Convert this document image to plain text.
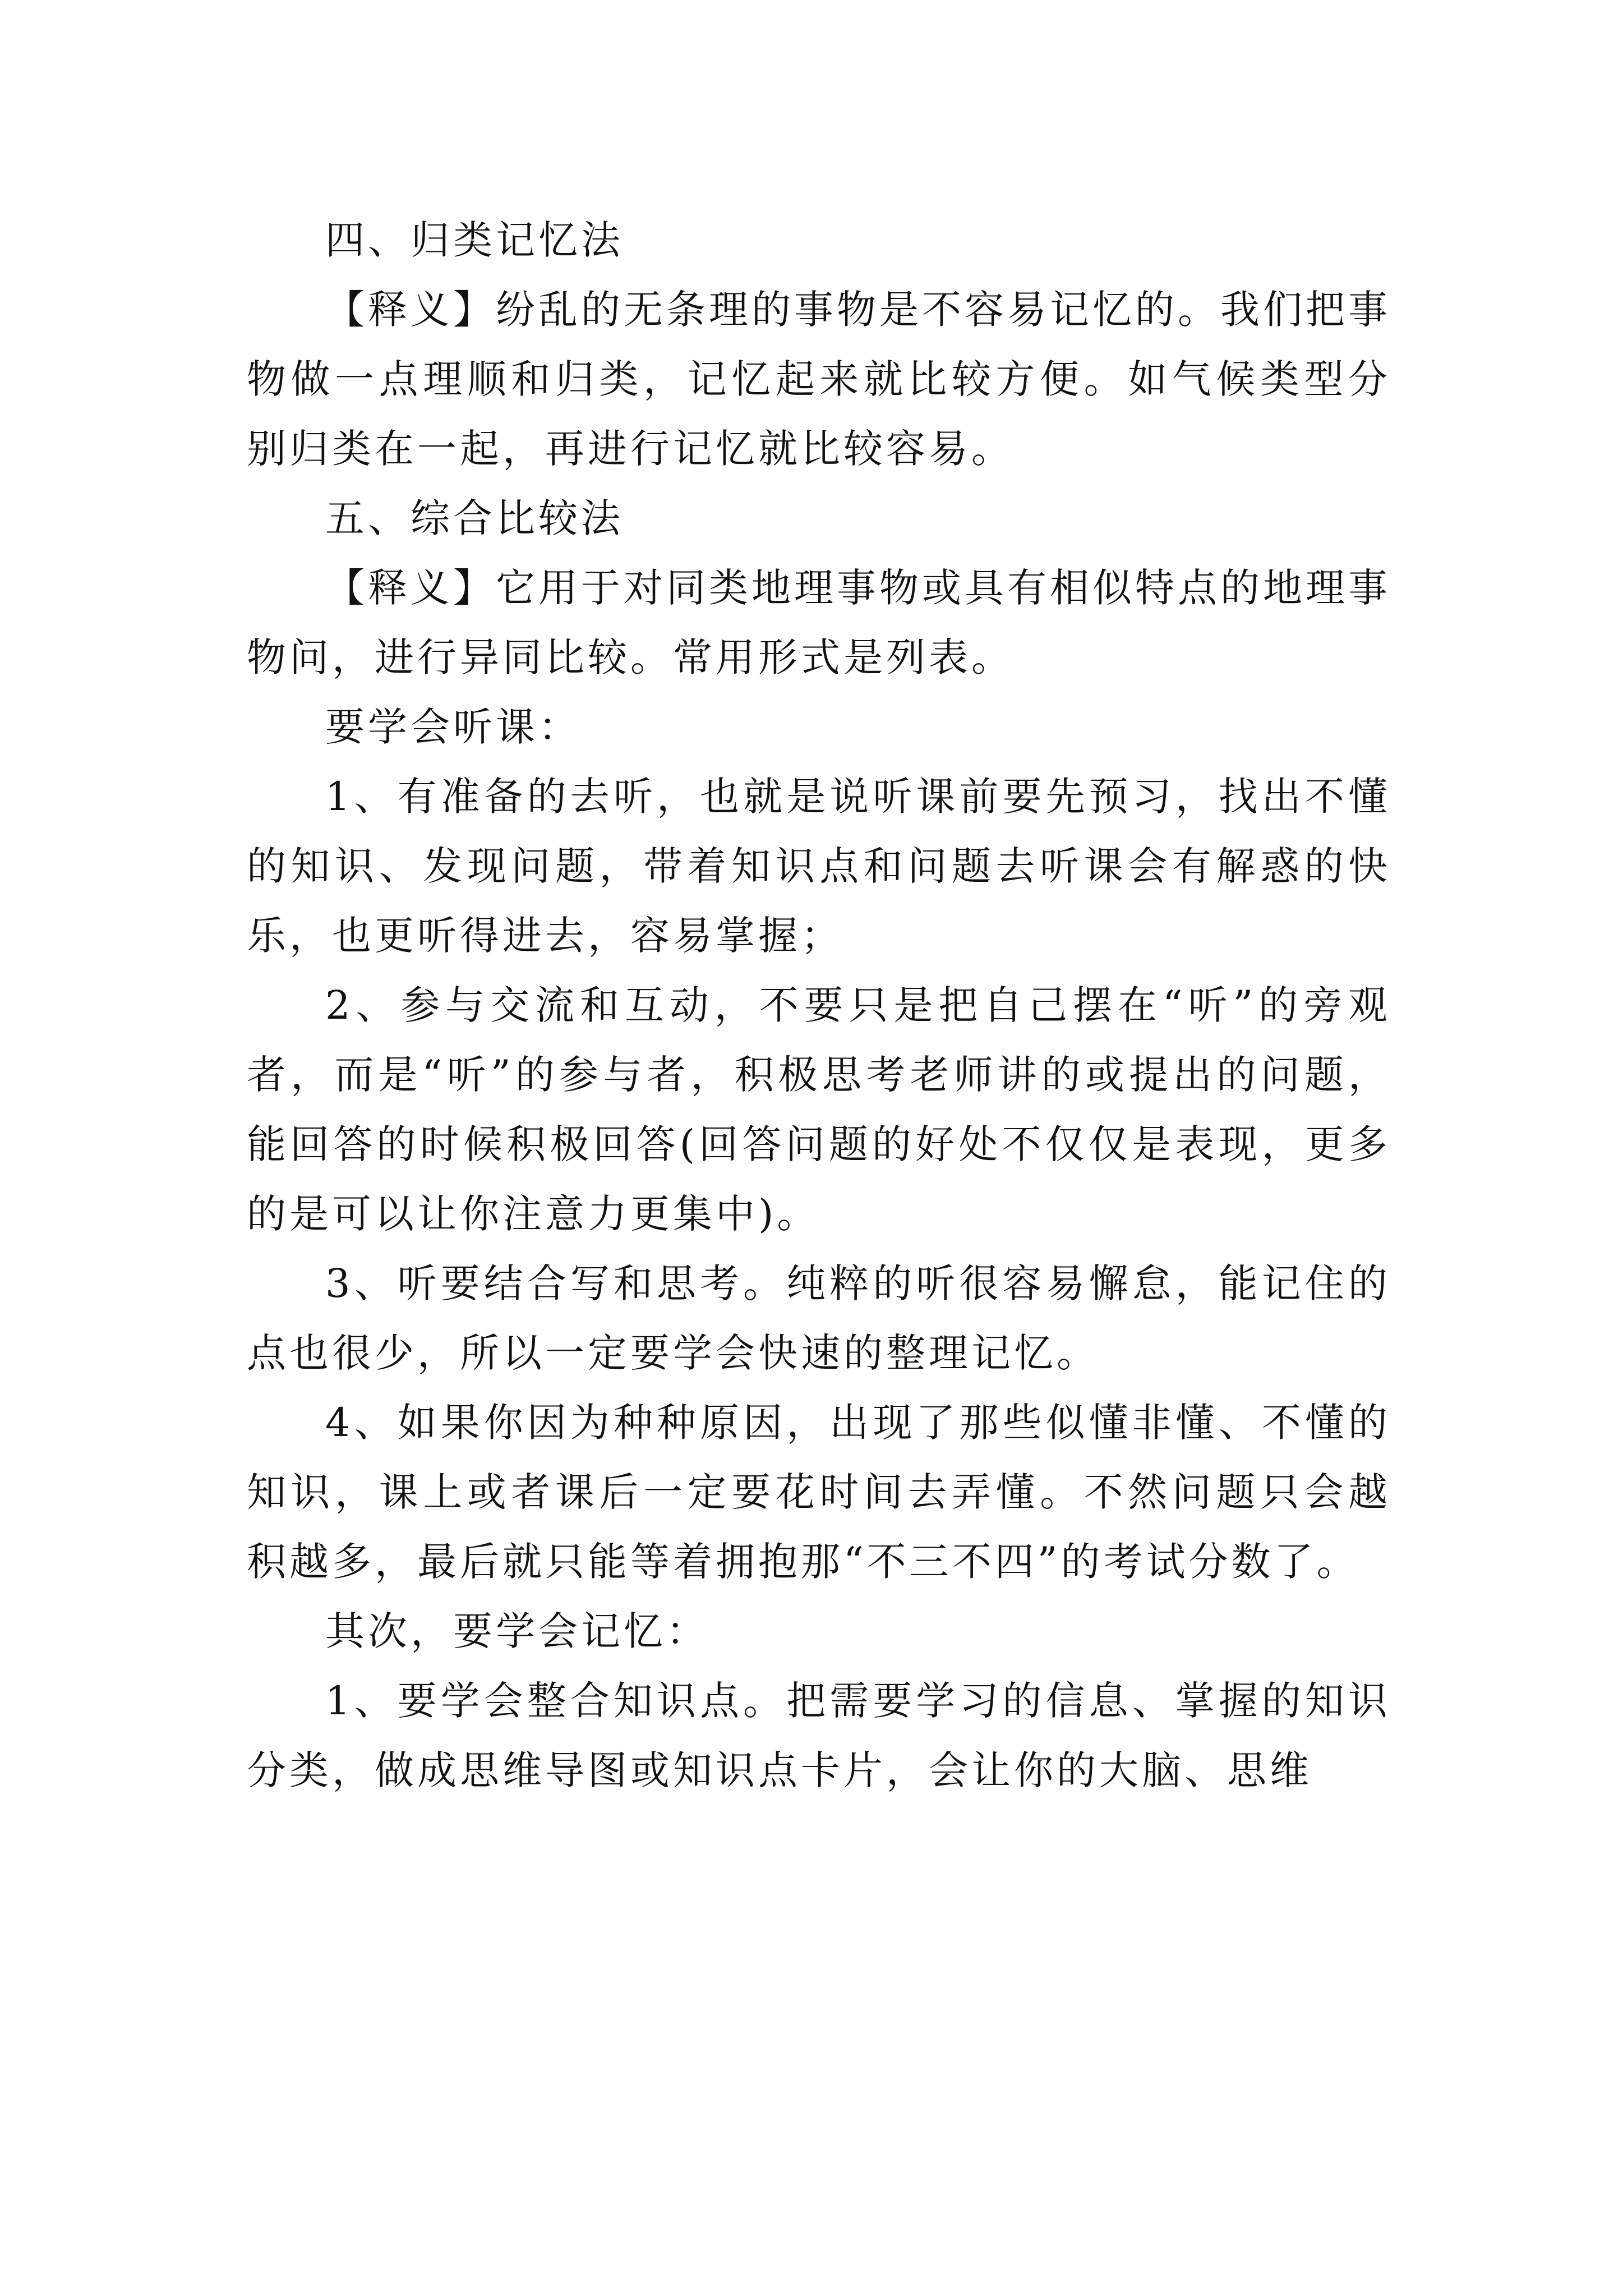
四、归类记忆法

【释义】纷乱的无条理的事物是不容易记忆的。我们把事物做一点理顺和归类，记忆起来就比较方便。如气候类型分别归类在一起，再进行记忆就比较容易。

五、综合比较法

【释义】它用于对同类地理事物或具有相似特点的地理事物问，进行异同比较。常用形式是列表。

要学会听课：

1、有准备的去听，也就是说听课前要先预习，找出不懂的知识、发现问题，带着知识点和问题去听课会有解惑的快乐，也更听得进去，容易掌握；

2、参与交流和互动，不要只是把自己摆在“听”的旁观者，而是“听”的参与者，积极思考老师讲的或提出的问题，能回答的时候积极回答(回答问题的好处不仅仅是表现，更多的是可以让你注意力更集中)。

3、听要结合写和思考。纯粹的听很容易懈怠，能记住的点也很少，所以一定要学会快速的整理记忆。

4、如果你因为种种原因，出现了那些似懂非懂、不懂的知识，课上或者课后一定要花时间去弄懂。不然问题只会越积越多，最后就只能等着拥抱那“不三不四”的考试分数了。

其次，要学会记忆：

1、要学会整合知识点。把需要学习的信息、掌握的知识分类，做成思维导图或知识点卡片，会让你的大脑、思维
